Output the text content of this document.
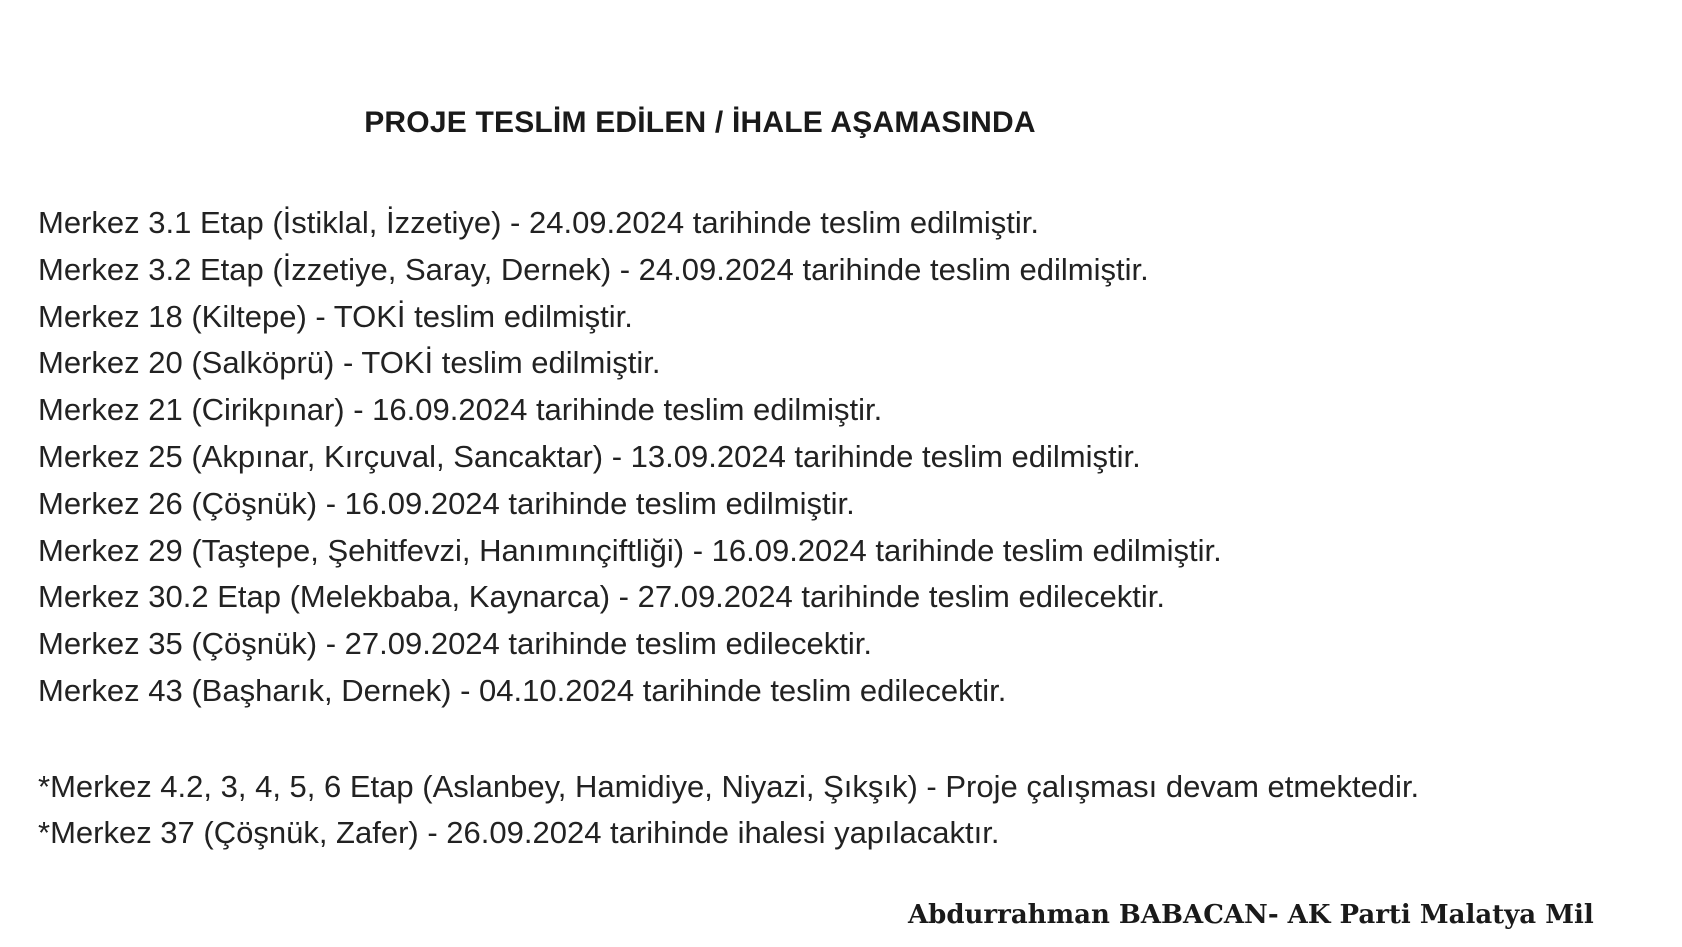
PROJE TESLİM EDİLEN / İHALE AŞAMASINDA
Merkez 3.1 Etap (İstiklal, İzzetiye) - 24.09.2024 tarihinde teslim edilmiştir.
Merkez 3.2 Etap (İzzetiye, Saray, Dernek) - 24.09.2024 tarihinde teslim edilmiştir.
Merkez 18 (Kiltepe) - TOKİ teslim edilmiştir.
Merkez 20 (Salköprü) - TOKİ teslim edilmiştir.
Merkez 21 (Cirikpınar) - 16.09.2024 tarihinde teslim edilmiştir.
Merkez 25 (Akpınar, Kırçuval, Sancaktar) - 13.09.2024 tarihinde teslim edilmiştir.
Merkez 26 (Çöşnük) - 16.09.2024 tarihinde teslim edilmiştir.
Merkez 29 (Taştepe, Şehitfevzi, Hanımınçiftliği) - 16.09.2024 tarihinde teslim edilmiştir.
Merkez 30.2 Etap (Melekbaba, Kaynarca) - 27.09.2024 tarihinde teslim edilecektir.
Merkez 35 (Çöşnük) - 27.09.2024 tarihinde teslim edilecektir.
Merkez 43 (Başharık, Dernek) - 04.10.2024 tarihinde teslim edilecektir.
*Merkez 4.2, 3, 4, 5, 6 Etap (Aslanbey, Hamidiye, Niyazi, Şıkşık) - Proje çalışması devam etmektedir.
*Merkez 37 (Çöşnük, Zafer) - 26.09.2024 tarihinde ihalesi yapılacaktır.
Abdurrahman BABACAN- AK Parti Malatya Mil
